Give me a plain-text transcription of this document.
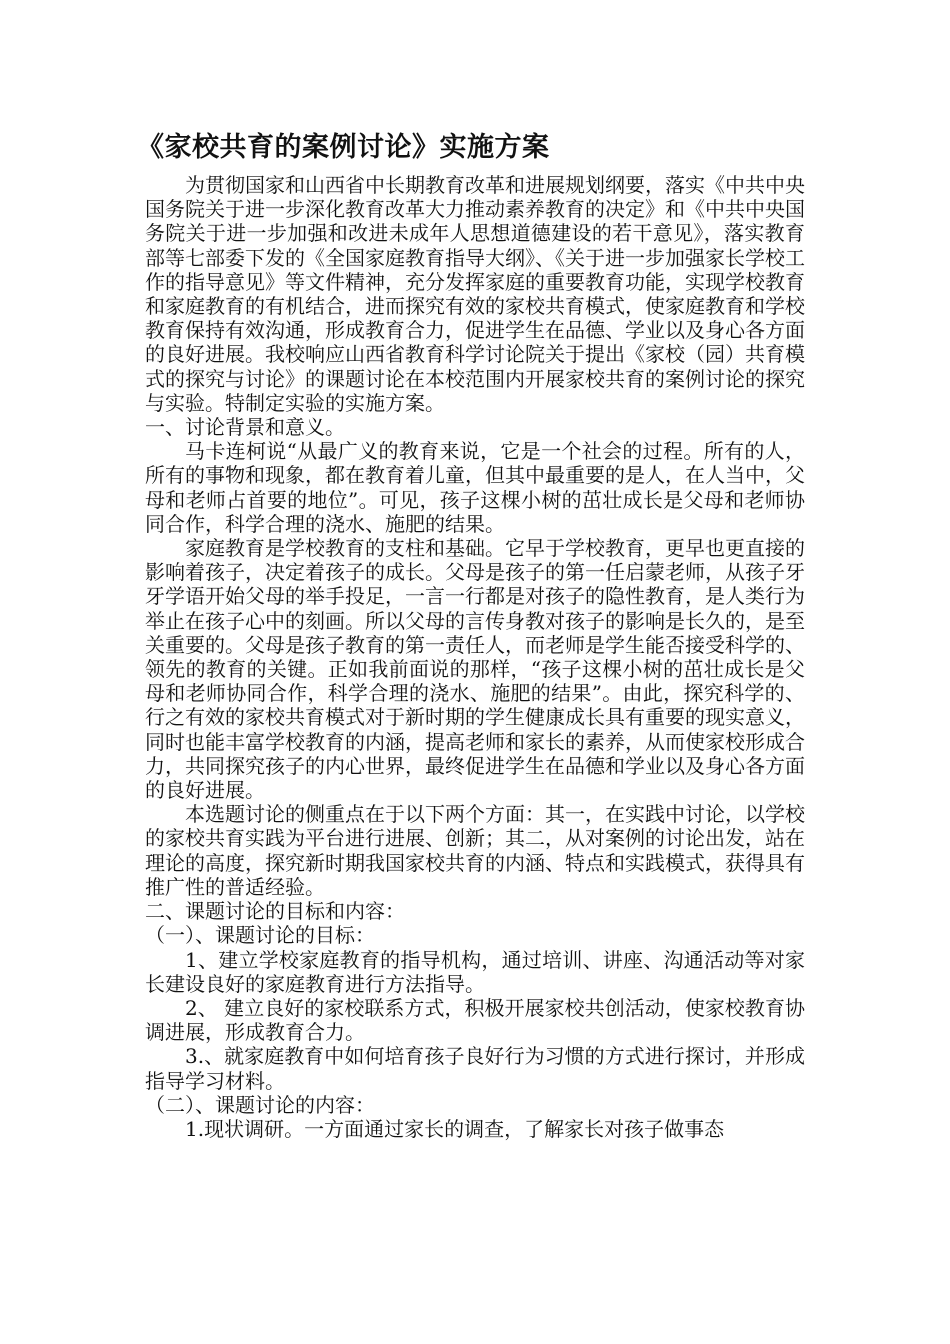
《家校共育的案例讨论》实施方案

为贯彻国家和山西省中长期教育改革和进展规划纲要，落实《中共中央国务院关于进一步深化教育改革大力推动素养教育的决定》和《中共中央国务院关于进一步加强和改进未成年人思想道德建设的若干意见》，落实教育部等七部委下发的《全国家庭教育指导大纲》、《关于进一步加强家长学校工作的指导意见》等文件精神，充分发挥家庭的重要教育功能，实现学校教育和家庭教育的有机结合，进而探究有效的家校共育模式，使家庭教育和学校教育保持有效沟通，形成教育合力，促进学生在品德、学业以及身心各方面的良好进展。我校响应山西省教育科学讨论院关于提出《家校（园）共育模式的探究与讨论》的课题讨论在本校范围内开展家校共育的案例讨论的探究与实验。特制定实验的实施方案。

一、讨论背景和意义。

马卡连柯说“从最广义的教育来说，它是一个社会的过程。所有的人，所有的事物和现象，都在教育着儿童，但其中最重要的是人，在人当中，父母和老师占首要的地位”。可见，孩子这棵小树的茁壮成长是父母和老师协同合作，科学合理的浇水、施肥的结果。

家庭教育是学校教育的支柱和基础。它早于学校教育，更早也更直接的影响着孩子，决定着孩子的成长。父母是孩子的第一任启蒙老师，从孩子牙牙学语开始父母的举手投足，一言一行都是对孩子的隐性教育，是人类行为举止在孩子心中的刻画。所以父母的言传身教对孩子的影响是长久的，是至关重要的。父母是孩子教育的第一责任人，而老师是学生能否接受科学的、领先的教育的关键。正如我前面说的那样，“孩子这棵小树的茁壮成长是父母和老师协同合作，科学合理的浇水、施肥的结果”。由此，探究科学的、行之有效的家校共育模式对于新时期的学生健康成长具有重要的现实意义，同时也能丰富学校教育的内涵，提高老师和家长的素养，从而使家校形成合力，共同探究孩子的内心世界，最终促进学生在品德和学业以及身心各方面的良好进展。

本选题讨论的侧重点在于以下两个方面：其一，在实践中讨论，以学校的家校共育实践为平台进行进展、创新；其二，从对案例的讨论出发，站在理论的高度，探究新时期我国家校共育的内涵、特点和实践模式，获得具有推广性的普适经验。

二、课题讨论的目标和内容：

（一）、课题讨论的目标：

1、建立学校家庭教育的指导机构，通过培训、讲座、沟通活动等对家长建设良好的家庭教育进行方法指导。

2、 建立良好的家校联系方式，积极开展家校共创活动，使家校教育协调进展，形成教育合力。

3.、就家庭教育中如何培育孩子良好行为习惯的方式进行探讨，并形成指导学习材料。

（二）、课题讨论的内容：

1.现状调研。一方面通过家长的调查，了解家长对孩子做事态
